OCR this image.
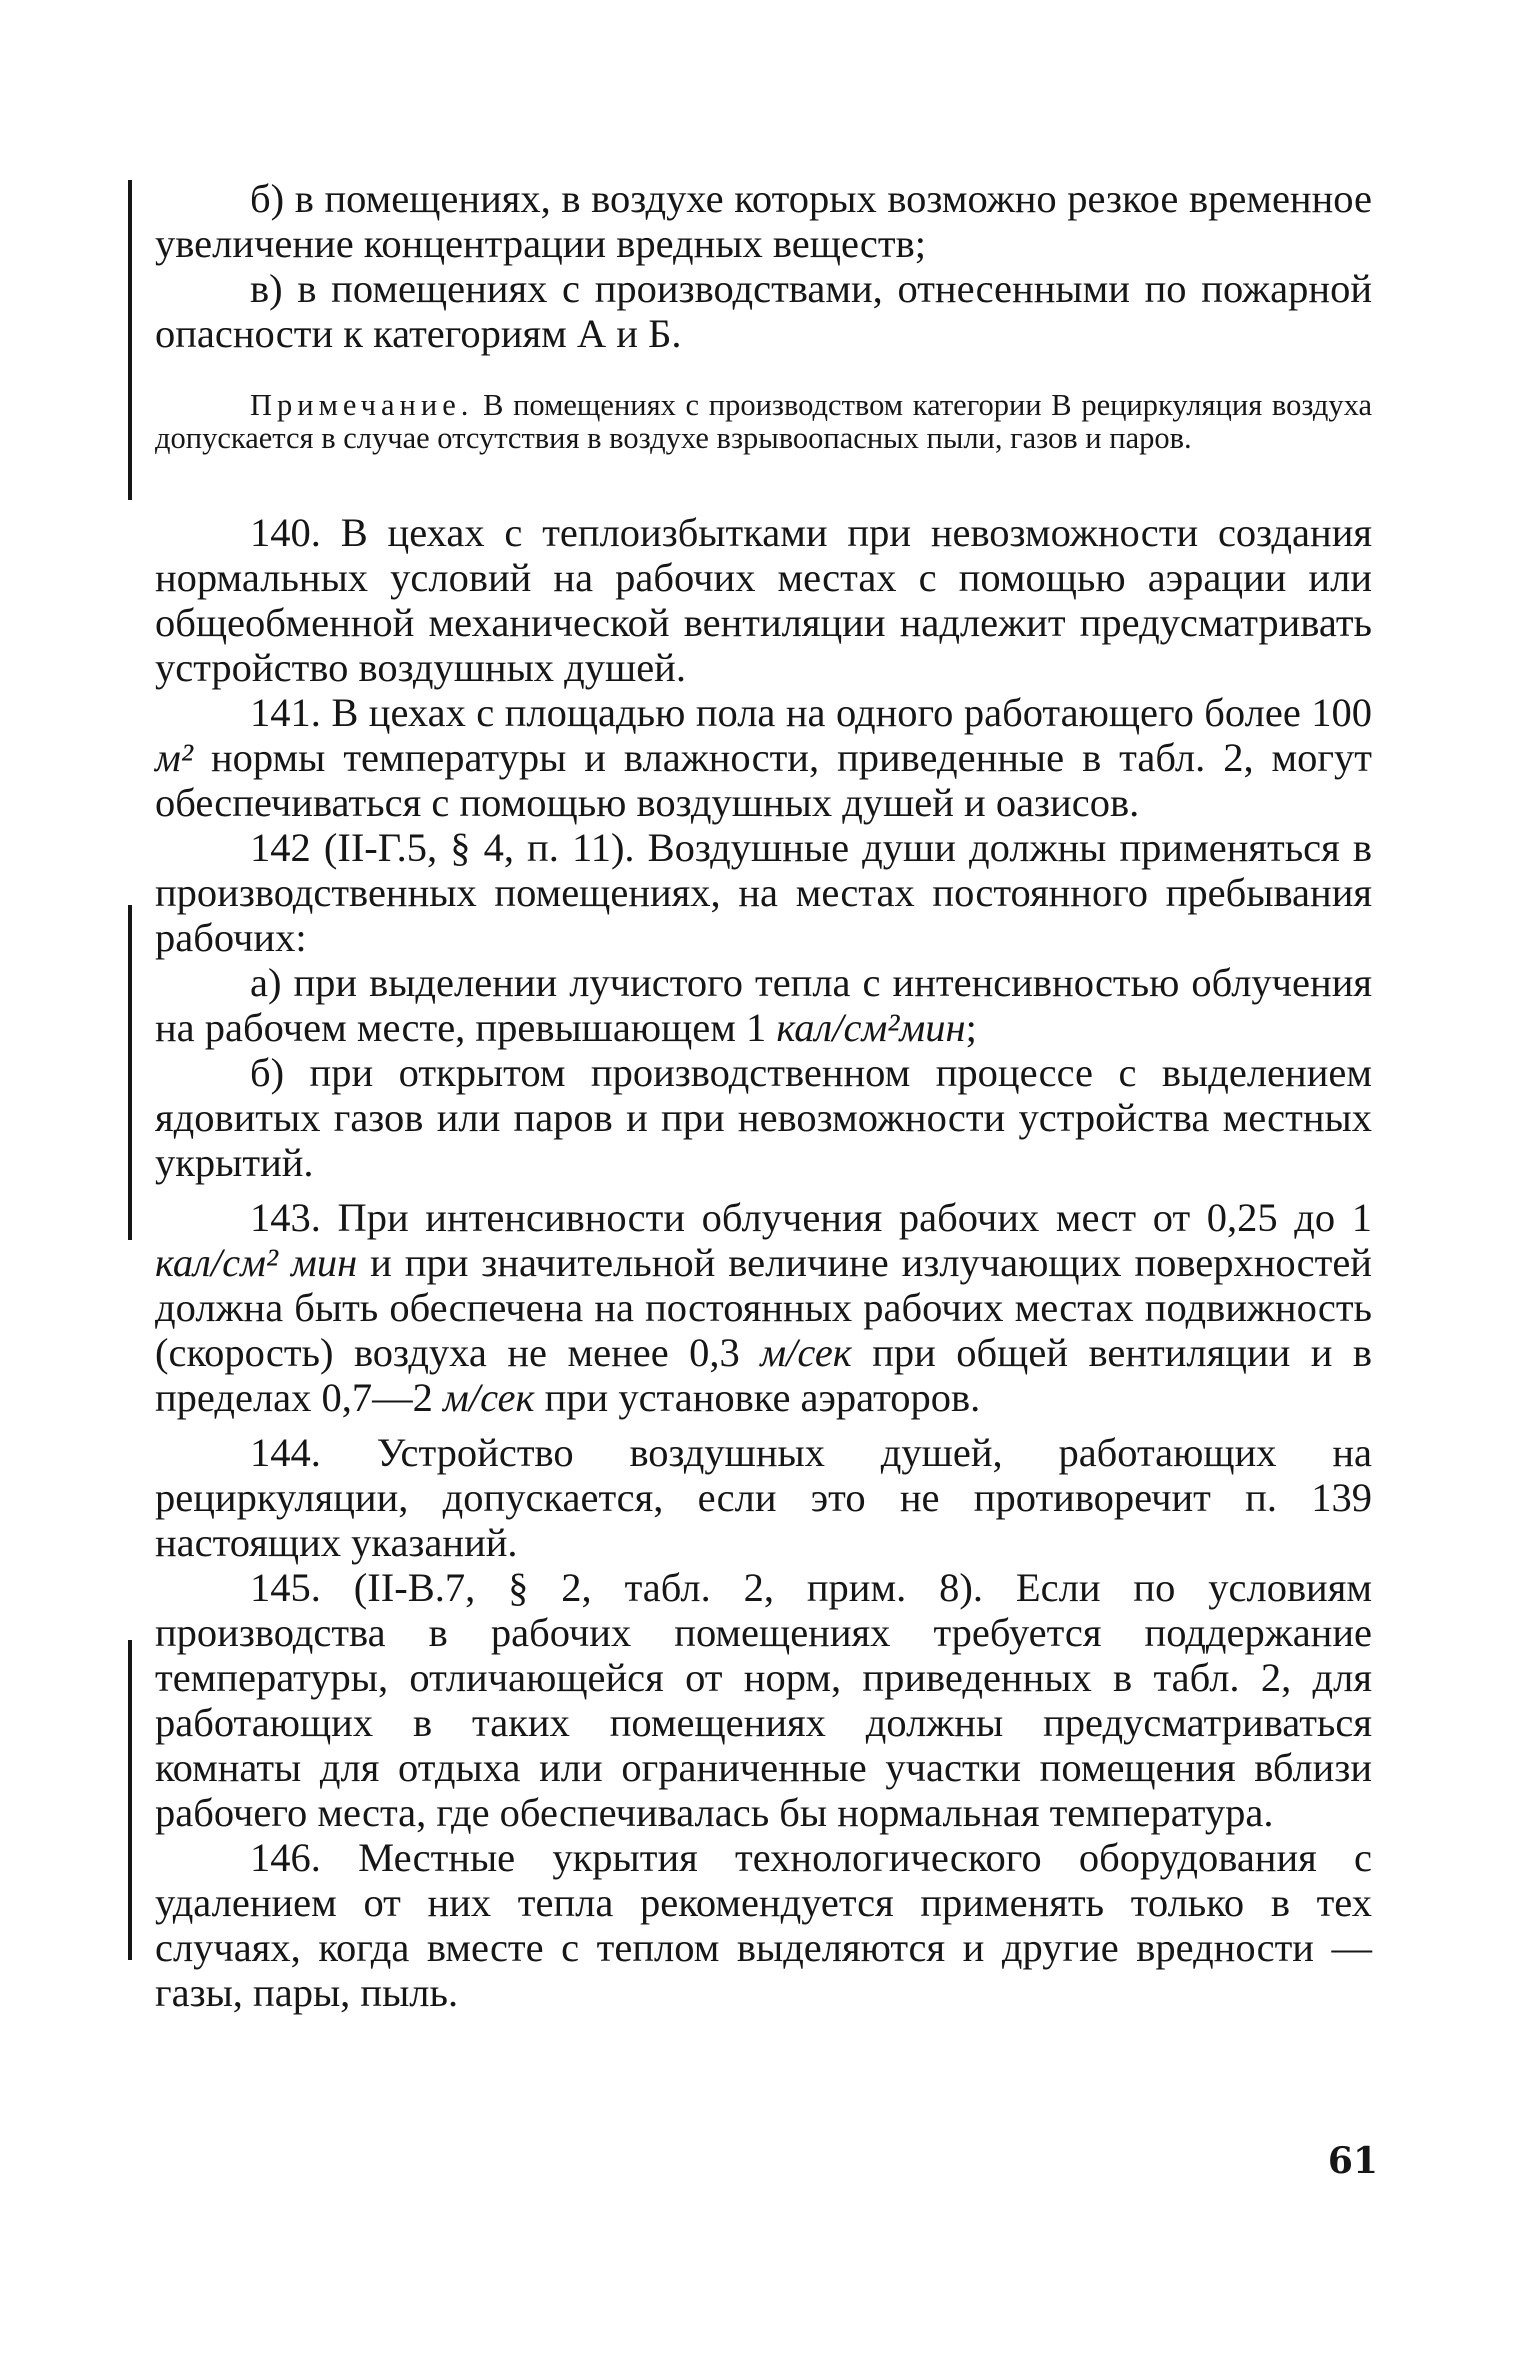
б) в помещениях, в воздухе которых возможно резкое временное увеличение концентрации вредных веществ;

в) в помещениях с производствами, отнесенными по пожарной опасности к категориям А и Б.

Примечание. В помещениях с производством категории В рециркуляция воздуха допускается в случае отсутствия в воздухе взрывоопасных пыли, газов и паров.

140. В цехах с теплоизбытками при невозможности создания нормальных условий на рабочих местах с помощью аэрации или общеобменной механической вентиляции надлежит предусматривать устройство воздушных душей.

141. В цехах с площадью пола на одного работающего более 100 м² нормы температуры и влажности, приведенные в табл. 2, могут обеспечиваться с помощью воздушных душей и оазисов.

142 (II-Г.5, § 4, п. 11). Воздушные души должны применяться в производственных помещениях, на местах постоянного пребывания рабочих:

а) при выделении лучистого тепла с интенсивностью облучения на рабочем месте, превышающем 1 кал/см²мин;

б) при открытом производственном процессе с выделением ядовитых газов или паров и при невозможности устройства местных укрытий.

143. При интенсивности облучения рабочих мест от 0,25 до 1 кал/см² мин и при значительной величине излучающих поверхностей должна быть обеспечена на постоянных рабочих местах подвижность (скорость) воздуха не менее 0,3 м/сек при общей вентиляции и в пределах 0,7—2 м/сек при установке аэраторов.

144. Устройство воздушных душей, работающих на рециркуляции, допускается, если это не противоречит п. 139 настоящих указаний.

145. (II-В.7, § 2, табл. 2, прим. 8). Если по условиям производства в рабочих помещениях требуется поддержание температуры, отличающейся от норм, приведенных в табл. 2, для работающих в таких помещениях должны предусматриваться комнаты для отдыха или ограниченные участки помещения вблизи рабочего места, где обеспечивалась бы нормальная температура.

146. Местные укрытия технологического оборудования с удалением от них тепла рекомендуется применять только в тех случаях, когда вместе с теплом выделяются и другие вредности — газы, пары, пыль.

61
